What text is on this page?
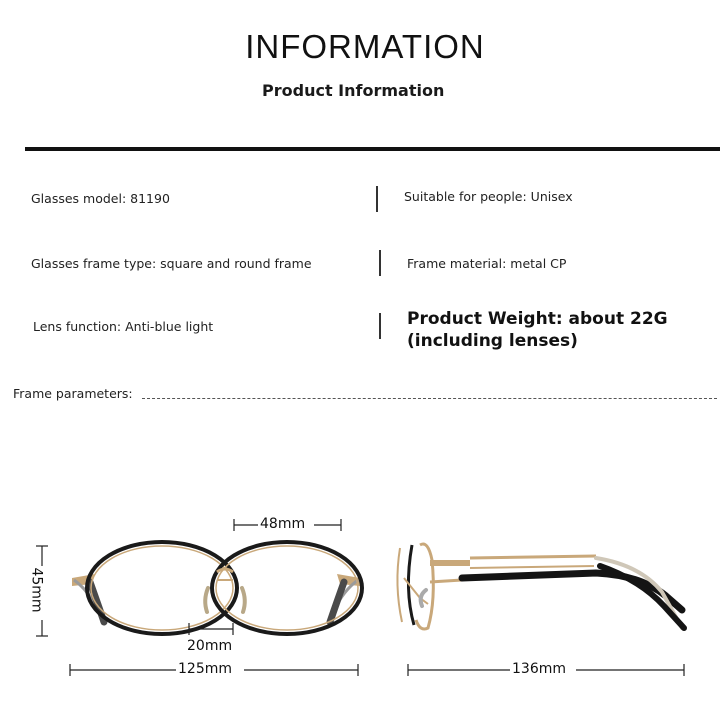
INFORMATION
Product Information
Glasses model: 81190	Suitable for people: Unisex
Glasses frame type: square and round frame	Frame material: metal CP
Lens function: Anti-blue light	Product Weight: about 22G (including lenses)
Frame parameters:
48mm
45mm
20mm
125mm	136mm
